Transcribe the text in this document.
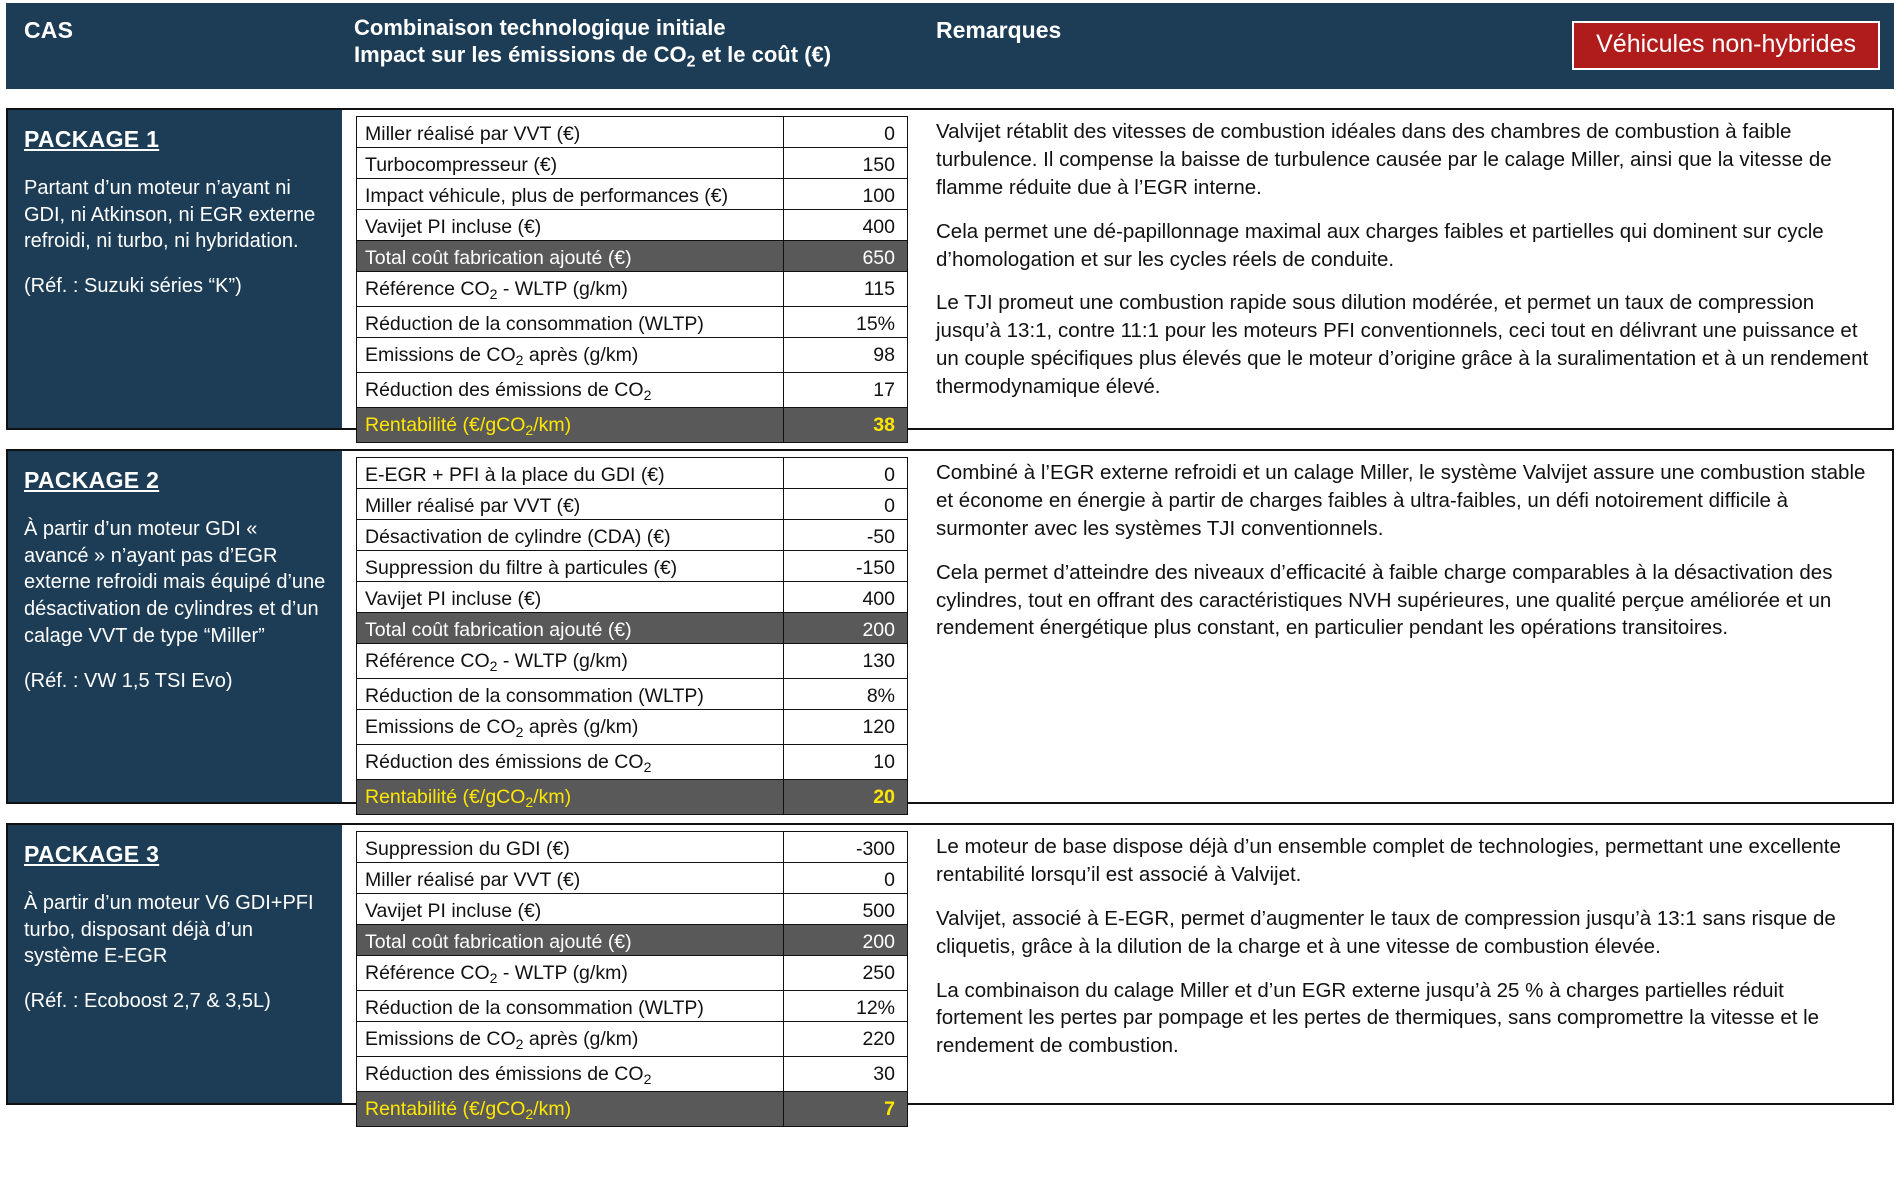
CAS	Combinaison technologique initiale
Impact sur les émissions de $CO_2$ et le coût (€)
Remarques	Véhicules non-hybrides
PACKAGE 1
Partant d’un moteur n’ayant ni GDI, ni Atkinson, ni EGR externe refroidi, ni turbo, ni hybridation.
(Réf. : Suzuki séries “K”)
Miller réalisé par VVT (€)	0
Turbocompresseur (€)	150
Impact véhicule, plus de performances (€)	100
Vavijet PI incluse (€)	400
Total coût fabrication ajouté (€)	650
Référence $CO_2$ - WLTP (g/km)	115
Réduction de la consommation (WLTP)	15%
Emissions de $CO_2$ après (g/km)	98
Réduction des émissions de $CO_2$	17
Rentabilité (€/gCO$_2$/km)	38

Valvijet rétablit des vitesses de combustion idéales dans des chambres de combustion à faible turbulence. Il compense la baisse de turbulence causée par le calage Miller, ainsi que la vitesse de flamme réduite due à l’EGR interne.

Cela permet une dé-papillonnage maximal aux charges faibles et partielles qui dominent sur cycle d’homologation et sur les cycles réels de conduite.

Le TJI promeut une combustion rapide sous dilution modérée, et permet un taux de compression jusqu’à 13:1, contre 11:1 pour les moteurs PFI conventionnels, ceci tout en délivrant une puissance et un couple spécifiques plus élevés que le moteur d’origine grâce à la suralimentation et à un rendement thermodynamique élevé.

PACKAGE 2
À partir d’un moteur GDI « avancé » n’ayant pas d’EGR externe refroidi mais équipé d’une désactivation de cylindres et d’un calage VVT de type “Miller”
(Réf. : VW 1,5 TSI Evo)
E-EGR + PFI à la place du GDI (€)	0
Miller réalisé par VVT (€)	0
Désactivation de cylindre (CDA) (€)	-50
Suppression du filtre à particules (€)	-150
Vavijet PI incluse (€)	400
Total coût fabrication ajouté (€)	200
Référence $CO_2$ - WLTP (g/km)	130
Réduction de la consommation (WLTP)	8%
Emissions de $CO_2$ après (g/km)	120
Réduction des émissions de $CO_2$	10
Rentabilité (€/gCO$_2$/km)	20

Combiné à l’EGR externe refroidi et un calage Miller, le système Valvijet assure une combustion stable et économe en énergie à partir de charges faibles à ultra-faibles, un défi notoirement difficile à surmonter avec les systèmes TJI conventionnels.

Cela permet d’atteindre des niveaux d’efficacité à faible charge comparables à la désactivation des cylindres, tout en offrant des caractéristiques NVH supérieures, une qualité perçue améliorée et un rendement énergétique plus constant, en particulier pendant les opérations transitoires.

PACKAGE 3
À partir d’un moteur V6 GDI+PFI turbo, disposant déjà d’un système E-EGR
(Réf. : Ecoboost 2,7 & 3,5L)
Suppression du GDI (€)	-300
Miller réalisé par VVT (€)	0
Vavijet PI incluse (€)	500
Total coût fabrication ajouté (€)	200
Référence $CO_2$ - WLTP (g/km)	250
Réduction de la consommation (WLTP)	12%
Emissions de $CO_2$ après (g/km)	220
Réduction des émissions de $CO_2$	30
Rentabilité (€/gCO$_2$/km)	7

Le moteur de base dispose déjà d’un ensemble complet de technologies, permettant une excellente rentabilité lorsqu’il est associé à Valvijet.

Valvijet, associé à E-EGR, permet d’augmenter le taux de compression jusqu’à 13:1 sans risque de cliquetis, grâce à la dilution de la charge et à une vitesse de combustion élevée.

La combinaison du calage Miller et d’un EGR externe jusqu’à 25 % à charges partielles réduit fortement les pertes par pompage et les pertes de thermiques, sans compromettre la vitesse et le rendement de combustion.
